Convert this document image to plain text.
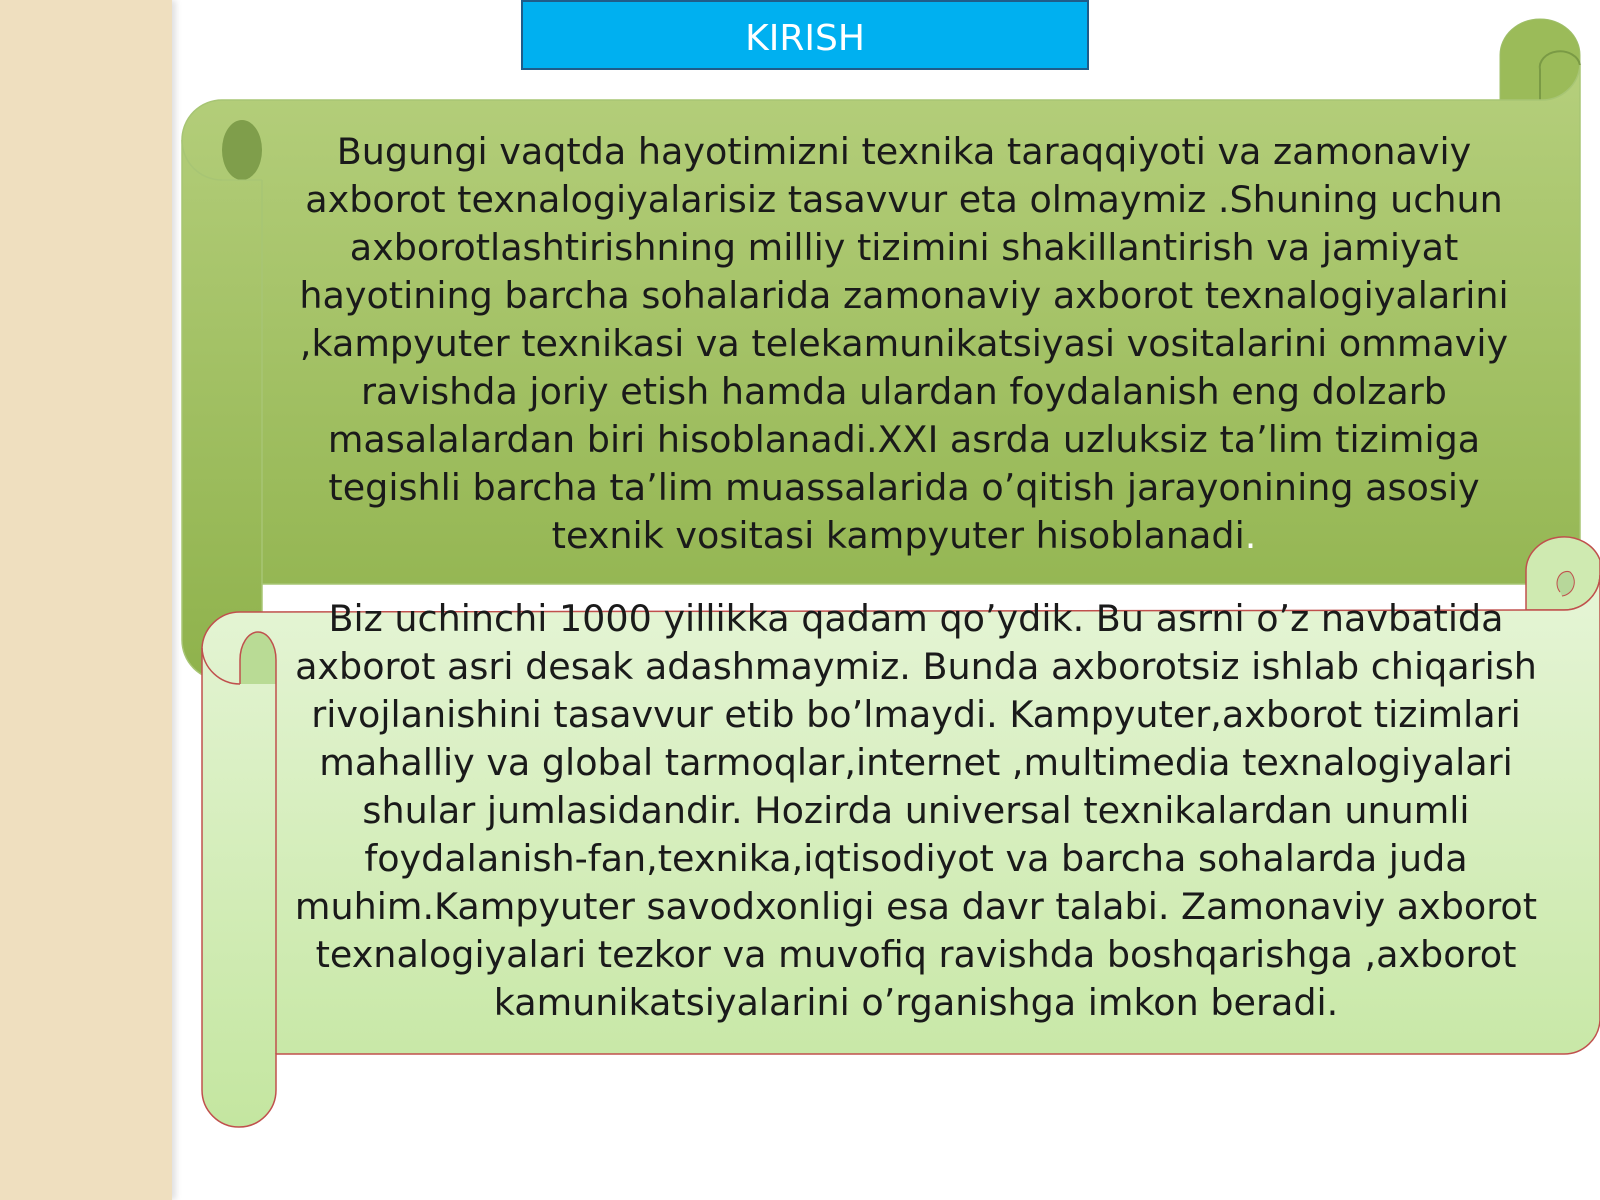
KIRISH

Bugungi vaqtda hayotimizni texnika taraqqiyoti va zamonaviy axborot texnalogiyalarisiz tasavvur eta olmaymiz .Shuning uchun axborotlashtirishning milliy tizimini shakillantirish va jamiyat hayotining barcha sohalarida zamonaviy axborot texnalogiyalarini ,kampyuter texnikasi va telekamunikatsiyasi vositalarini ommaviy ravishda joriy etish hamda ulardan foydalanish eng dolzarb masalalardan biri hisoblanadi.XXI asrda uzluksiz ta’lim tizimiga tegishli barcha ta’lim muassalarida o’qitish jarayonining asosiy texnik vositasi kampyuter hisoblanadi.

Biz uchinchi 1000 yillikka qadam qo’ydik. Bu asrni o’z navbatida axborot asri desak adashmaymiz. Bunda axborotsiz ishlab chiqarish rivojlanishini tasavvur etib bo’lmaydi. Kampyuter,axborot tizimlari mahalliy va global tarmoqlar,internet ,multimedia texnalogiyalari shular jumlasidandir. Hozirda universal texnikalardan unumli foydalanish-fan,texnika,iqtisodiyot va barcha sohalarda juda muhim.Kampyuter savodxonligi esa davr talabi. Zamonaviy axborot texnalogiyalari tezkor va muvofiq ravishda boshqarishga ,axborot kamunikatsiyalarini o’rganishga imkon beradi.
